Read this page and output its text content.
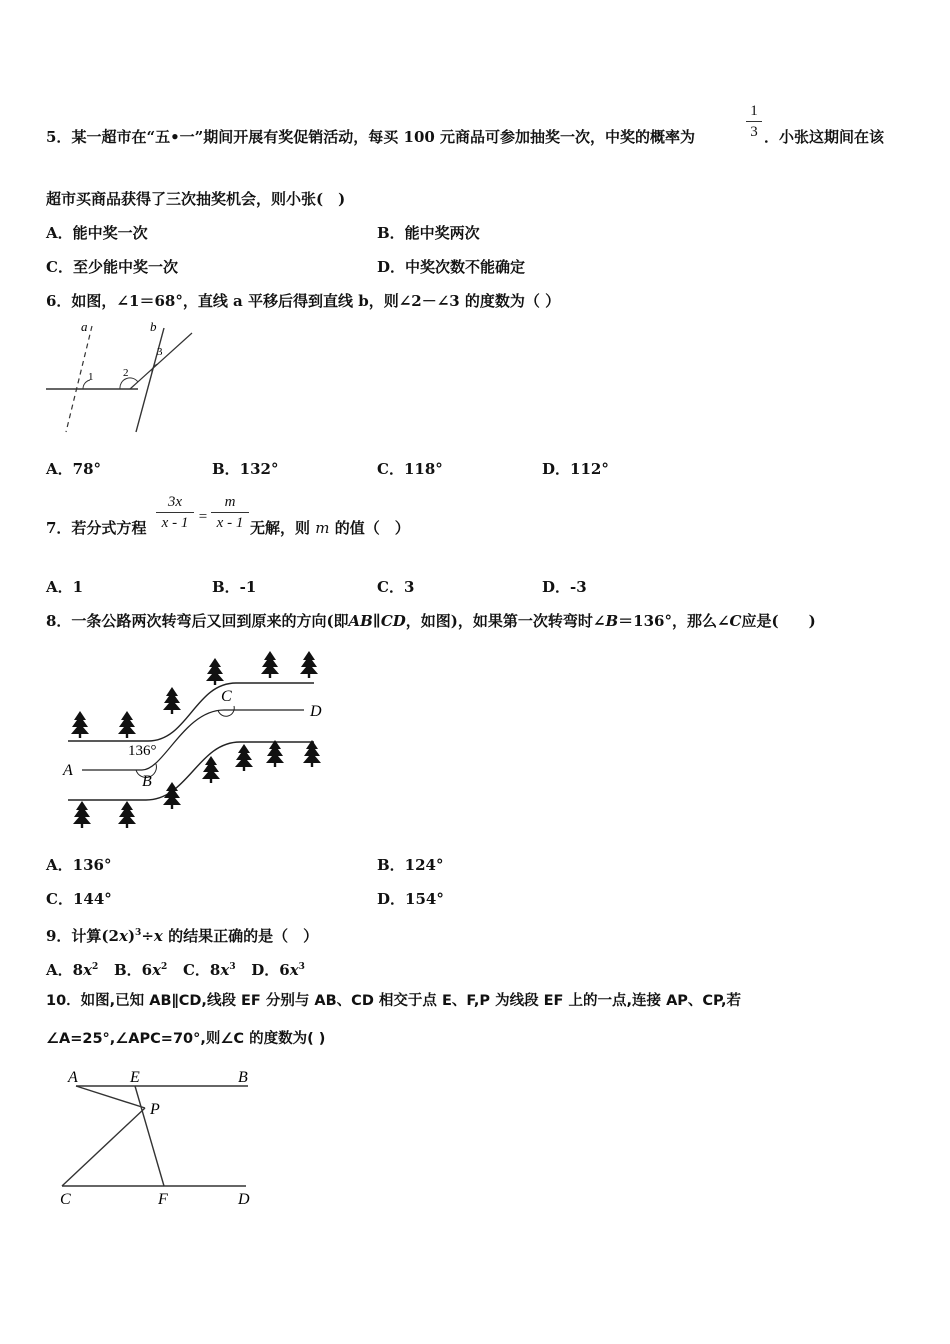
5．某一超市在“五•一”期间开展有奖促销活动，每买 100 元商品可参加抽奖一次，中奖的概率为
1
3 ．小张这期间在该
超市买商品获得了三次抽奖机会，则小张(　)
A．能中奖一次	B．能中奖两次
C．至少能中奖一次	D．中奖次数不能确定
6．如图，∠1＝68°，直线 a 平移后得到直线 b，则∠2－∠3 的度数为（ ）
a	b
1	2
3
A．78°	B．132°	C．118°	D．112°
7．若分式方程
3x
x - 1 =
m
x - 1 无解，则 m 的值（　）
A．1	B．-1	C．3	D．-3
8．一条公路两次转弯后又回到原来的方向(即AB∥CD，如图)，如果第一次转弯时∠B＝136°，那么∠C应是(　　)
A
B
C
D
136°
A．136°	B．124°
C．144°	D．154°
9．计算$(2x)^3\div x$ 的结果正确的是（　）
A．$8x^2$ B．$6x^2$ C．$8x^3$ D．$6x^3$
10．如图,已知 AB∥CD,线段 EF 分别与 AB、CD 相交于点 E、F,P 为线段 EF 上的一点,连接 AP、CP,若
∠A=25°,∠APC=70°,则∠C 的度数为( )
A	E	B
P
C	F	D
